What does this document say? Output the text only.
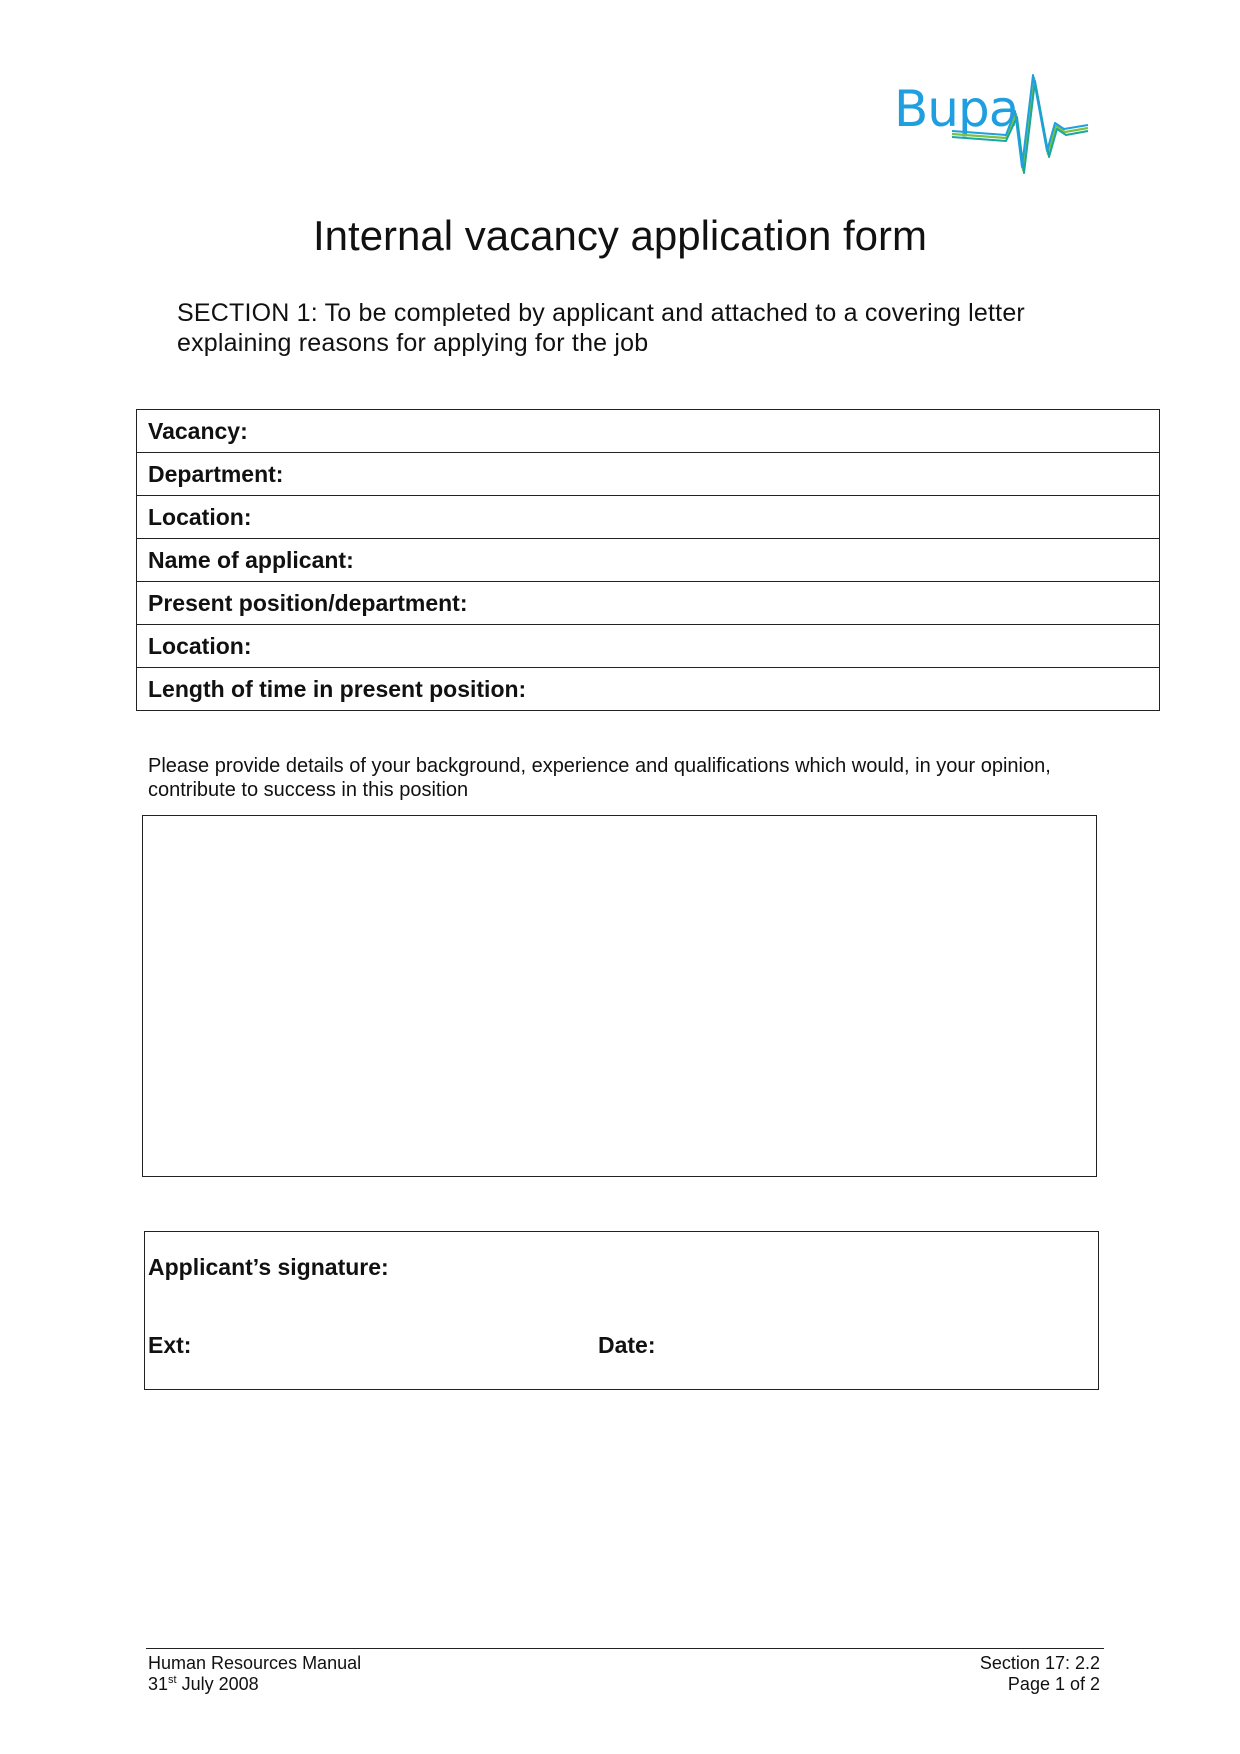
Bupa
Internal vacancy application form
SECTION 1: To be completed by applicant and attached to a covering letter
explaining reasons for applying for the job
Vacancy:
Department:
Location:
Name of applicant:
Present position/department:
Location:
Length of time in present position:
Please provide details of your background, experience and qualifications which would, in your opinion,
contribute to success in this position
Applicant’s signature:
Ext:	Date:
Human Resources Manual
31st July 2008
Section 17: 2.2
Page 1 of 2
